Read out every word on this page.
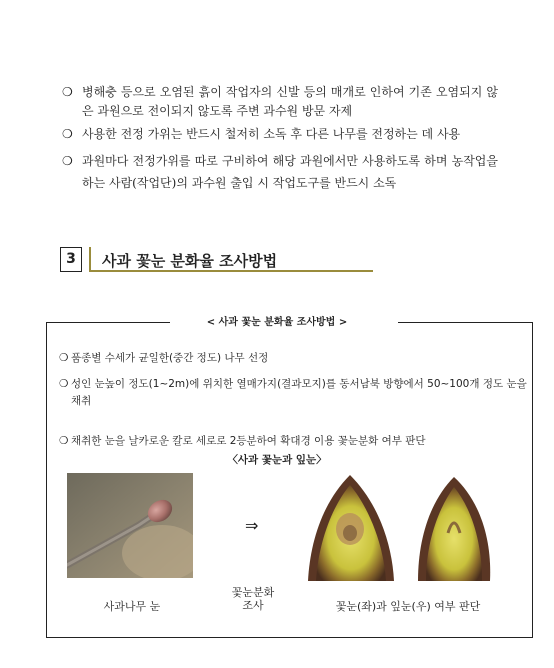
❍ 병해충 등으로 오염된 흙이 작업자의 신발 등의 매개로 인하여 기존 오염되지 않은 과원으로 전이되지 않도록 주변 과수원 방문 자제
❍ 사용한 전정 가위는 반드시 철저히 소독 후 다른 나무를 전정하는 데 사용
❍ 과원마다 전정가위를 따로 구비하여 해당 과원에서만 사용하도록 하며 농작업을 하는 사람(작업단)의 과수원 출입 시 작업도구를 반드시 소독
3	사과 꽃눈 분화율 조사방법
< 사과 꽃눈 분화율 조사방법 >
❍ 품종별 수세가 균일한(중간 정도) 나무 선정
❍ 성인 눈높이 정도(1~2m)에 위치한 열매가지(결과모지)를 동서남북 방향에서 50~100개 정도 눈을 채취
❍ 채취한 눈을 날카로운 칼로 세로로 2등분하여 확대경 이용 꽃눈분화 여부 판단
〈사과 꽃눈과 잎눈〉
⇒
꽃눈분화
조사
사과나무 눈	꽃눈(좌)과 잎눈(우) 여부 판단
